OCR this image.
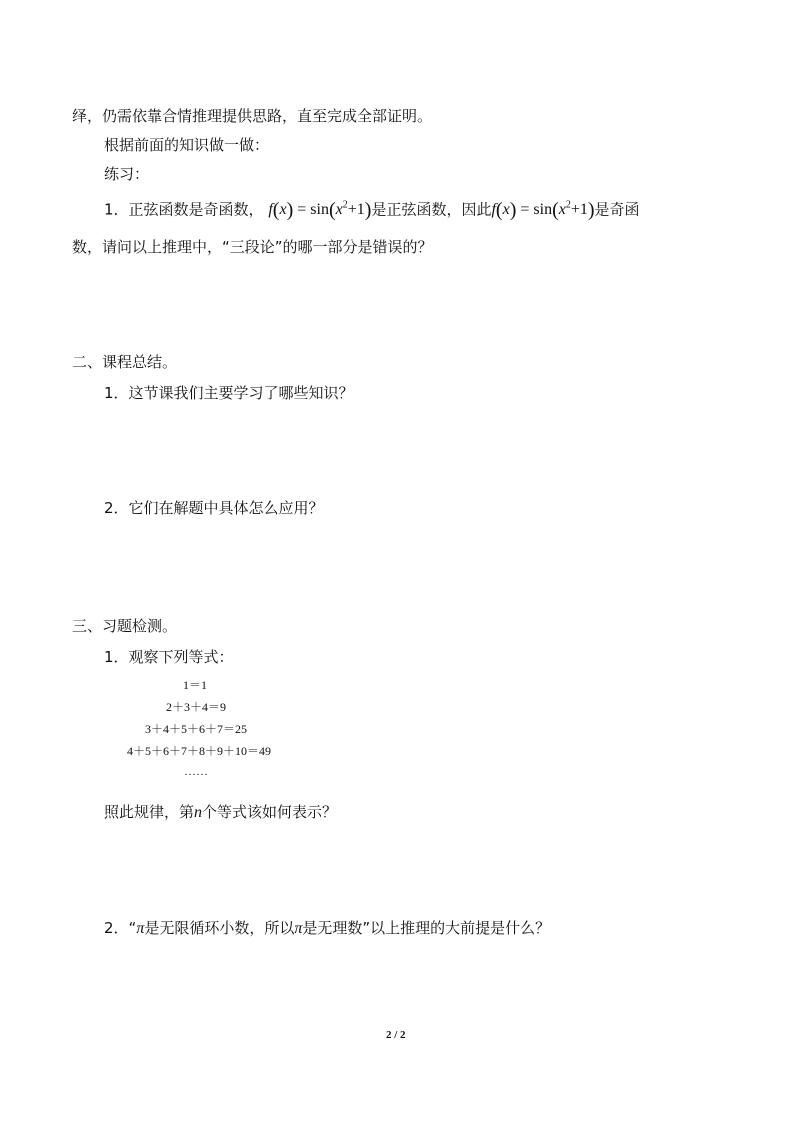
绎，仍需依靠合情推理提供思路，直至完成全部证明。
根据前面的知识做一做：
练习：
1．正弦函数是奇函数， $f(x) = \sin(x^2+1)$是正弦函数，因此$f(x) = \sin(x^2+1)$是奇函
数，请问以上推理中，“三段论”的哪一部分是错误的？
二、课程总结。
1．这节课我们主要学习了哪些知识？
2．它们在解题中具体怎么应用？
三、习题检测。
1．观察下列等式：
1＝1
2＋3＋4＝9
3＋4＋5＋6＋7＝25
4＋5＋6＋7＋8＋9＋10＝49
……
照此规律，第n个等式该如何表示？
2．“π是无限循环小数，所以π是无理数”以上推理的大前提是什么？
2 / 2
